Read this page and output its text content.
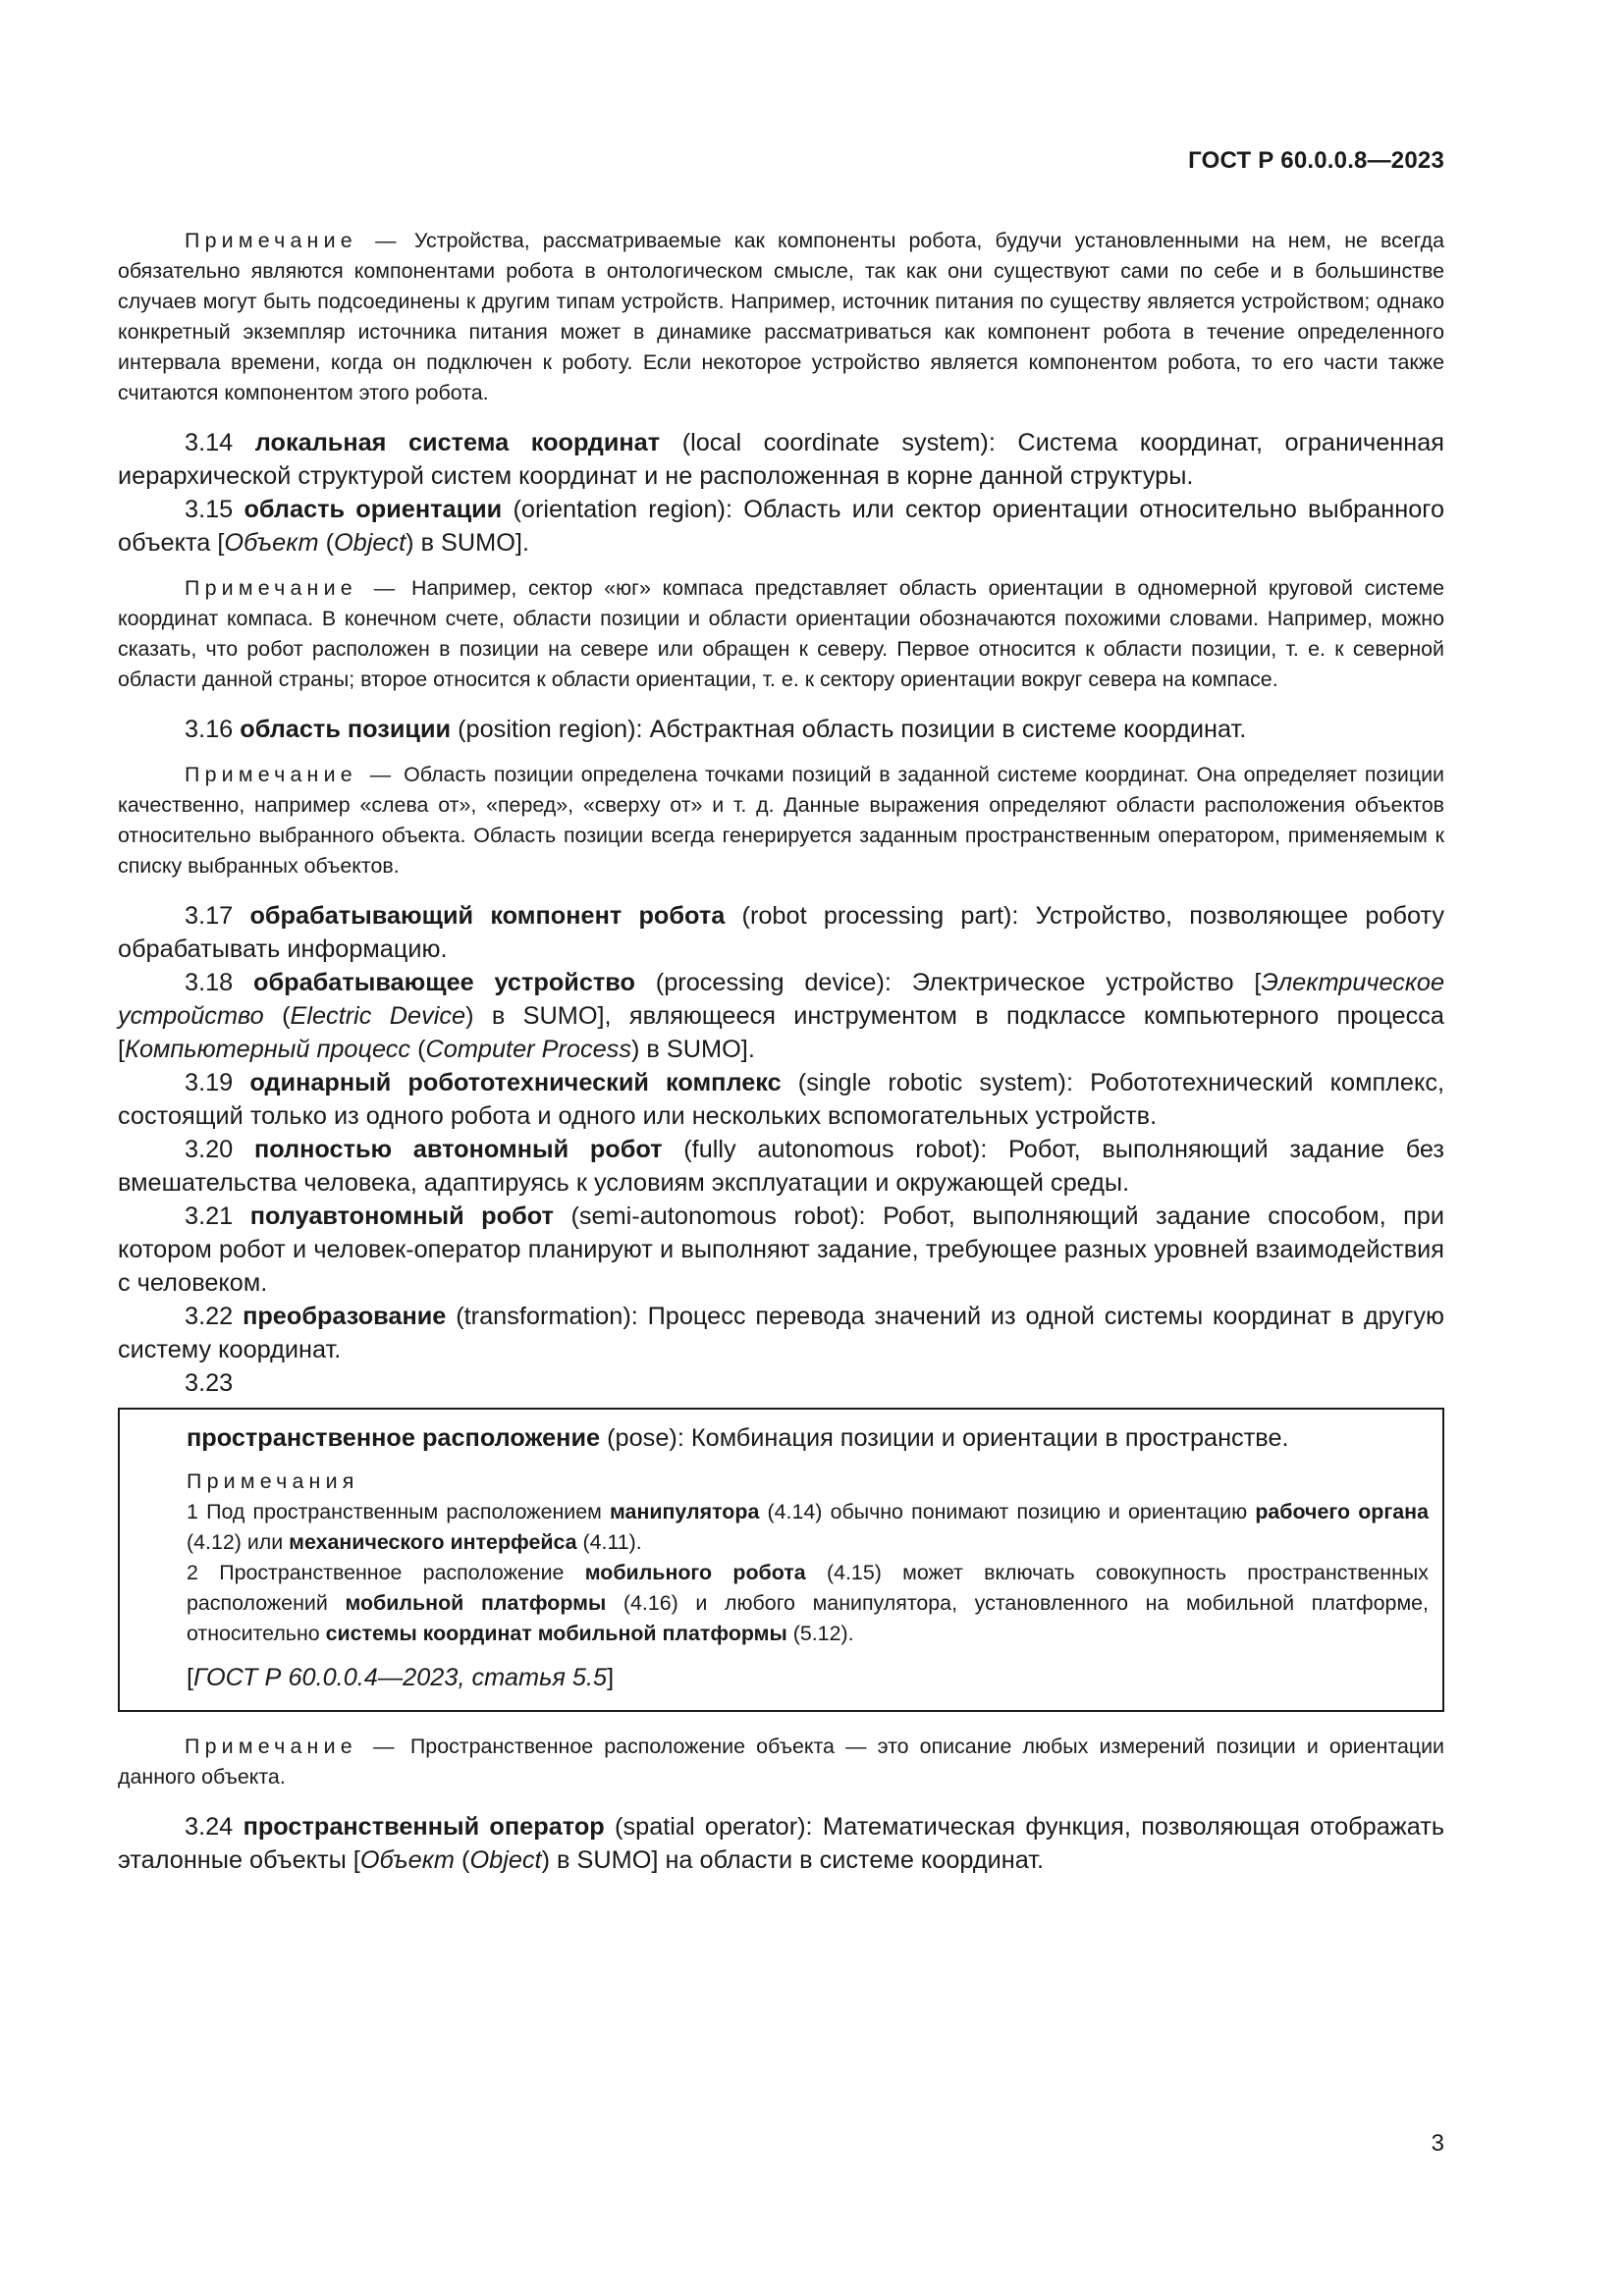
ГОСТ Р 60.0.0.8—2023

Примечание — Устройства, рассматриваемые как компоненты робота, будучи установленными на нем, не всегда обязательно являются компонентами робота в онтологическом смысле, так как они существуют сами по себе и в большинстве случаев могут быть подсоединены к другим типам устройств. Например, источник питания по существу является устройством; однако конкретный экземпляр источника питания может в динамике рассматриваться как компонент робота в течение определенного интервала времени, когда он подключен к роботу. Если некоторое устройство является компонентом робота, то его части также считаются компонентом этого робота.

3.14 локальная система координат (local coordinate system): Система координат, ограниченная иерархической структурой систем координат и не расположенная в корне данной структуры.

3.15 область ориентации (orientation region): Область или сектор ориентации относительно выбранного объекта [Объект (Object) в SUMO].

Примечание — Например, сектор «юг» компаса представляет область ориентации в одномерной круговой системе координат компаса. В конечном счете, области позиции и области ориентации обозначаются похожими словами. Например, можно сказать, что робот расположен в позиции на севере или обращен к северу. Первое относится к области позиции, т. е. к северной области данной страны; второе относится к области ориентации, т. е. к сектору ориентации вокруг севера на компасе.

3.16 область позиции (position region): Абстрактная область позиции в системе координат.

Примечание — Область позиции определена точками позиций в заданной системе координат. Она определяет позиции качественно, например «слева от», «перед», «сверху от» и т. д. Данные выражения определяют области расположения объектов относительно выбранного объекта. Область позиции всегда генерируется заданным пространственным оператором, применяемым к списку выбранных объектов.

3.17 обрабатывающий компонент робота (robot processing part): Устройство, позволяющее роботу обрабатывать информацию.

3.18 обрабатывающее устройство (processing device): Электрическое устройство [Электрическое устройство (Electric Device) в SUMO], являющееся инструментом в подклассе компьютерного процесса [Компьютерный процесс (Computer Process) в SUMO].

3.19 одинарный робототехнический комплекс (single robotic system): Робототехнический комплекс, состоящий только из одного робота и одного или нескольких вспомогательных устройств.

3.20 полностью автономный робот (fully autonomous robot): Робот, выполняющий задание без вмешательства человека, адаптируясь к условиям эксплуатации и окружающей среды.

3.21 полуавтономный робот (semi-autonomous robot): Робот, выполняющий задание способом, при котором робот и человек-оператор планируют и выполняют задание, требующее разных уровней взаимодействия с человеком.

3.22 преобразование (transformation): Процесс перевода значений из одной системы координат в другую систему координат.

3.23

пространственное расположение (pose): Комбинация позиции и ориентации в пространстве.

Примечания

1 Под пространственным расположением манипулятора (4.14) обычно понимают позицию и ориентацию рабочего органа (4.12) или механического интерфейса (4.11).

2 Пространственное расположение мобильного робота (4.15) может включать совокупность пространственных расположений мобильной платформы (4.16) и любого манипулятора, установленного на мобильной платформе, относительно системы координат мобильной платформы (5.12).

[ГОСТ Р 60.0.0.4—2023, статья 5.5]

Примечание — Пространственное расположение объекта — это описание любых измерений позиции и ориентации данного объекта.

3.24 пространственный оператор (spatial operator): Математическая функция, позволяющая отображать эталонные объекты [Объект (Object) в SUMO] на области в системе координат.

3
